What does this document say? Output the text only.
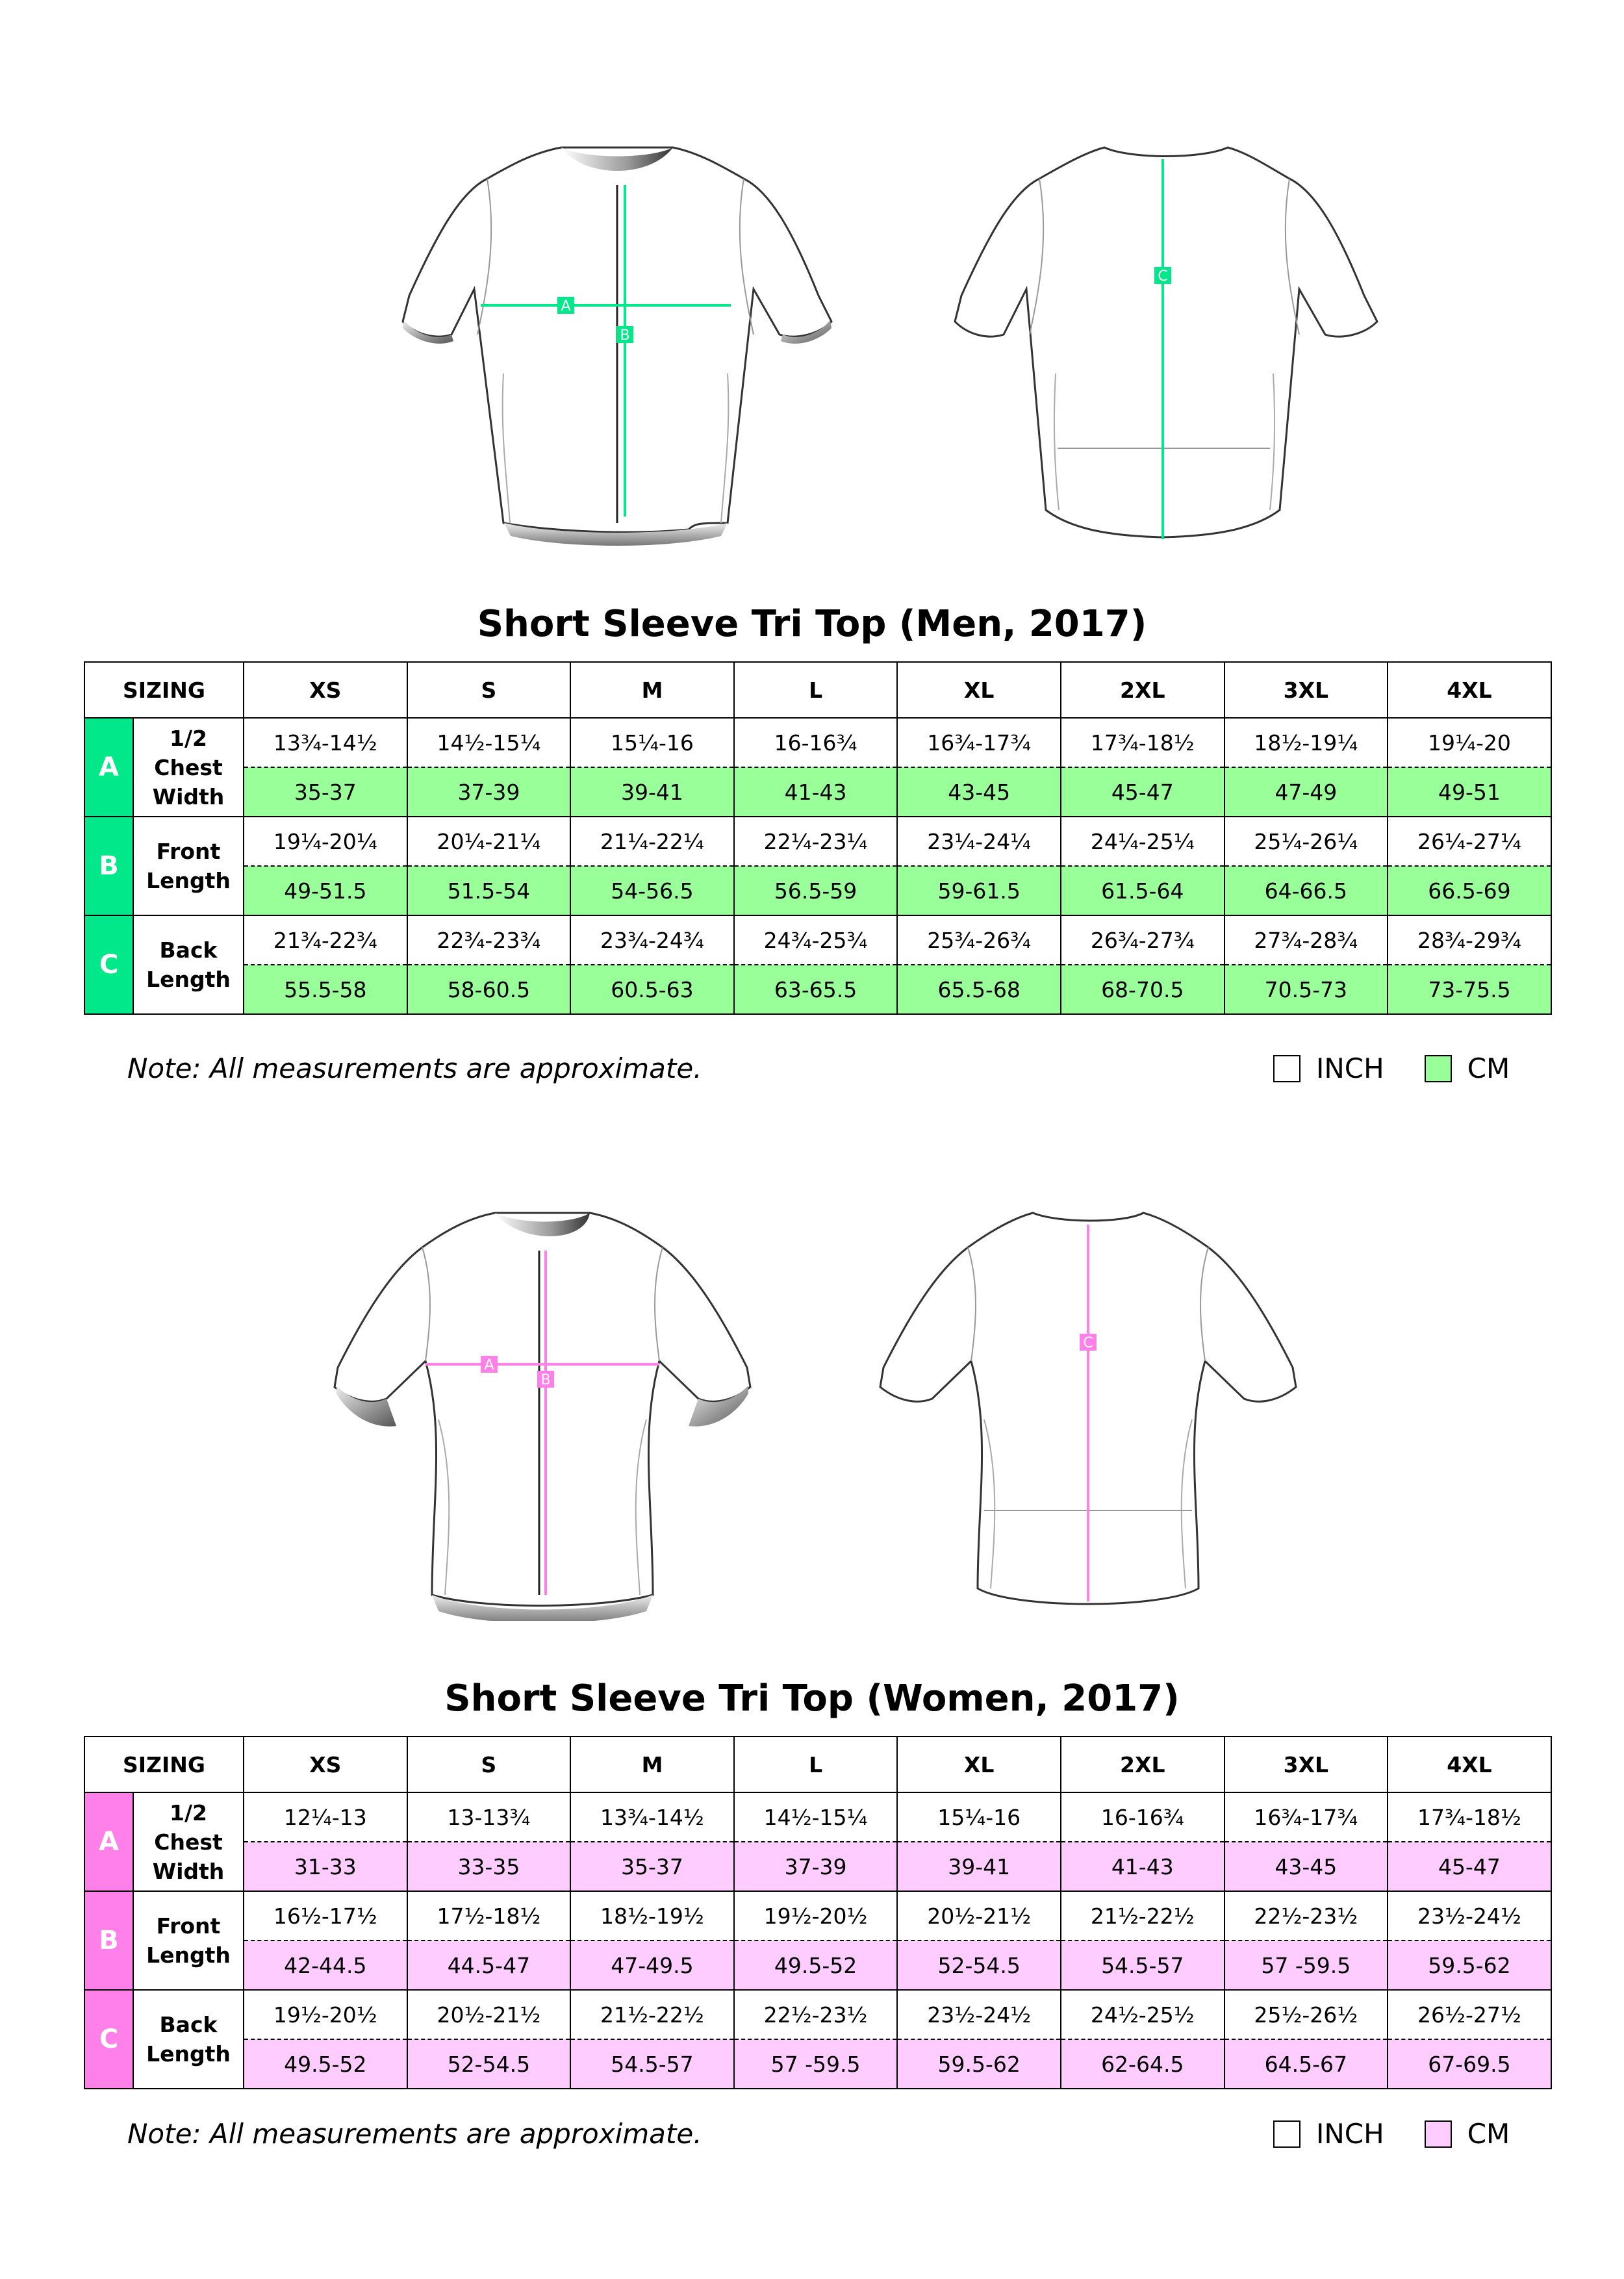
A
B
C
Short Sleeve Tri Top (Men, 2017)
SIZING		XS	S	M	L	XL	2XL	3XL	4XL
A	1/2
Chest
Width	13¾-14½	14½-15¼	15¼-16	16-16¾	16¾-17¾	17¾-18½	18½-19¼	19¼-20
		35-37	37-39	39-41	41-43	43-45	45-47	47-49	49-51
B	Front
Length	19¼-20¼	20¼-21¼	21¼-22¼	22¼-23¼	23¼-24¼	24¼-25¼	25¼-26¼	26¼-27¼
		49-51.5	51.5-54	54-56.5	56.5-59	59-61.5	61.5-64	64-66.5	66.5-69
C	Back
Length	21¾-22¾	22¾-23¾	23¾-24¾	24¾-25¾	25¾-26¾	26¾-27¾	27¾-28¾	28¾-29¾
		55.5-58	58-60.5	60.5-63	63-65.5	65.5-68	68-70.5	70.5-73	73-75.5
Note: All measurements are approximate.	INCH	CM
A
B
C
Short Sleeve Tri Top (Women, 2017)
SIZING		XS	S	M	L	XL	2XL	3XL	4XL
A	1/2
Chest
Width	12¼-13	13-13¾	13¾-14½	14½-15¼	15¼-16	16-16¾	16¾-17¾	17¾-18½
		31-33	33-35	35-37	37-39	39-41	41-43	43-45	45-47
B	Front
Length	16½-17½	17½-18½	18½-19½	19½-20½	20½-21½	21½-22½	22½-23½	23½-24½
		42-44.5	44.5-47	47-49.5	49.5-52	52-54.5	54.5-57	57 -59.5	59.5-62
C	Back
Length	19½-20½	20½-21½	21½-22½	22½-23½	23½-24½	24½-25½	25½-26½	26½-27½
		49.5-52	52-54.5	54.5-57	57 -59.5	59.5-62	62-64.5	64.5-67	67-69.5
Note: All measurements are approximate.	INCH	CM
